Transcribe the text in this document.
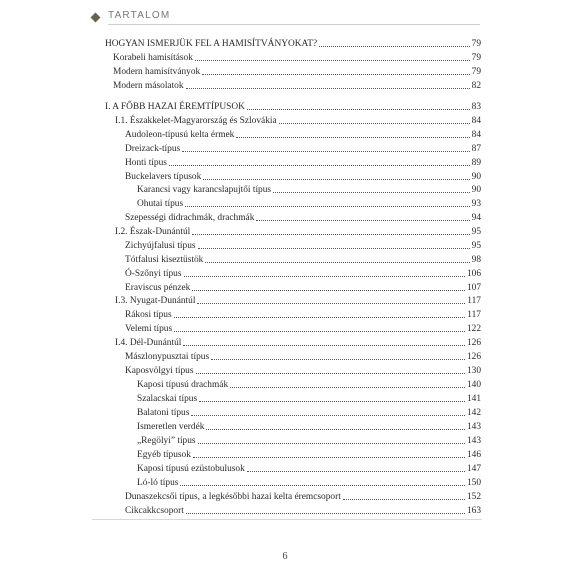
TARTALOM
HOGYAN ISMERJÜK FEL A HAMISÍTVÁNYOKAT?	79
Korabeli hamisítások	79
Modern hamisítványok	79
Modern másolatok	82
I. A FŐBB HAZAI ÉREMTÍPUSOK	83
I.1. Északkelet-Magyarország és Szlovákia	84
Audoleon-típusú kelta érmek	84
Dreizack-típus	87
Honti típus	89
Buckelavers típusok	90
Karancsi vagy karancslapujtői típus	90
Ohutai típus	93
Szepességi didrachmák, drachmák	94
I.2. Észak-Dunántúl	95
Zichyújfalusi típus	95
Tótfalusi kiseztüstök	98
Ó-Szőnyi típus	106
Eraviscus pénzek	107
I.3. Nyugat-Dunántúl	117
Rákosi típus	117
Velemi típus	122
I.4. Dél-Dunántúl	126
Mászlonypusztai típus	126
Kaposvölgyi típus	130
Kaposi típusú drachmák	140
Szalacskai típus	141
Balatoni típus	142
Ismeretlen verdék	143
„Regölyi” típus	143
Egyéb típusok	146
Kaposi típusú ezüstobulusok	147
Ló-ló típus	150
Dunaszekcsői típus, a legkésőbbi hazai kelta éremcsoport	152
Cikcakkcsoport	163
6
